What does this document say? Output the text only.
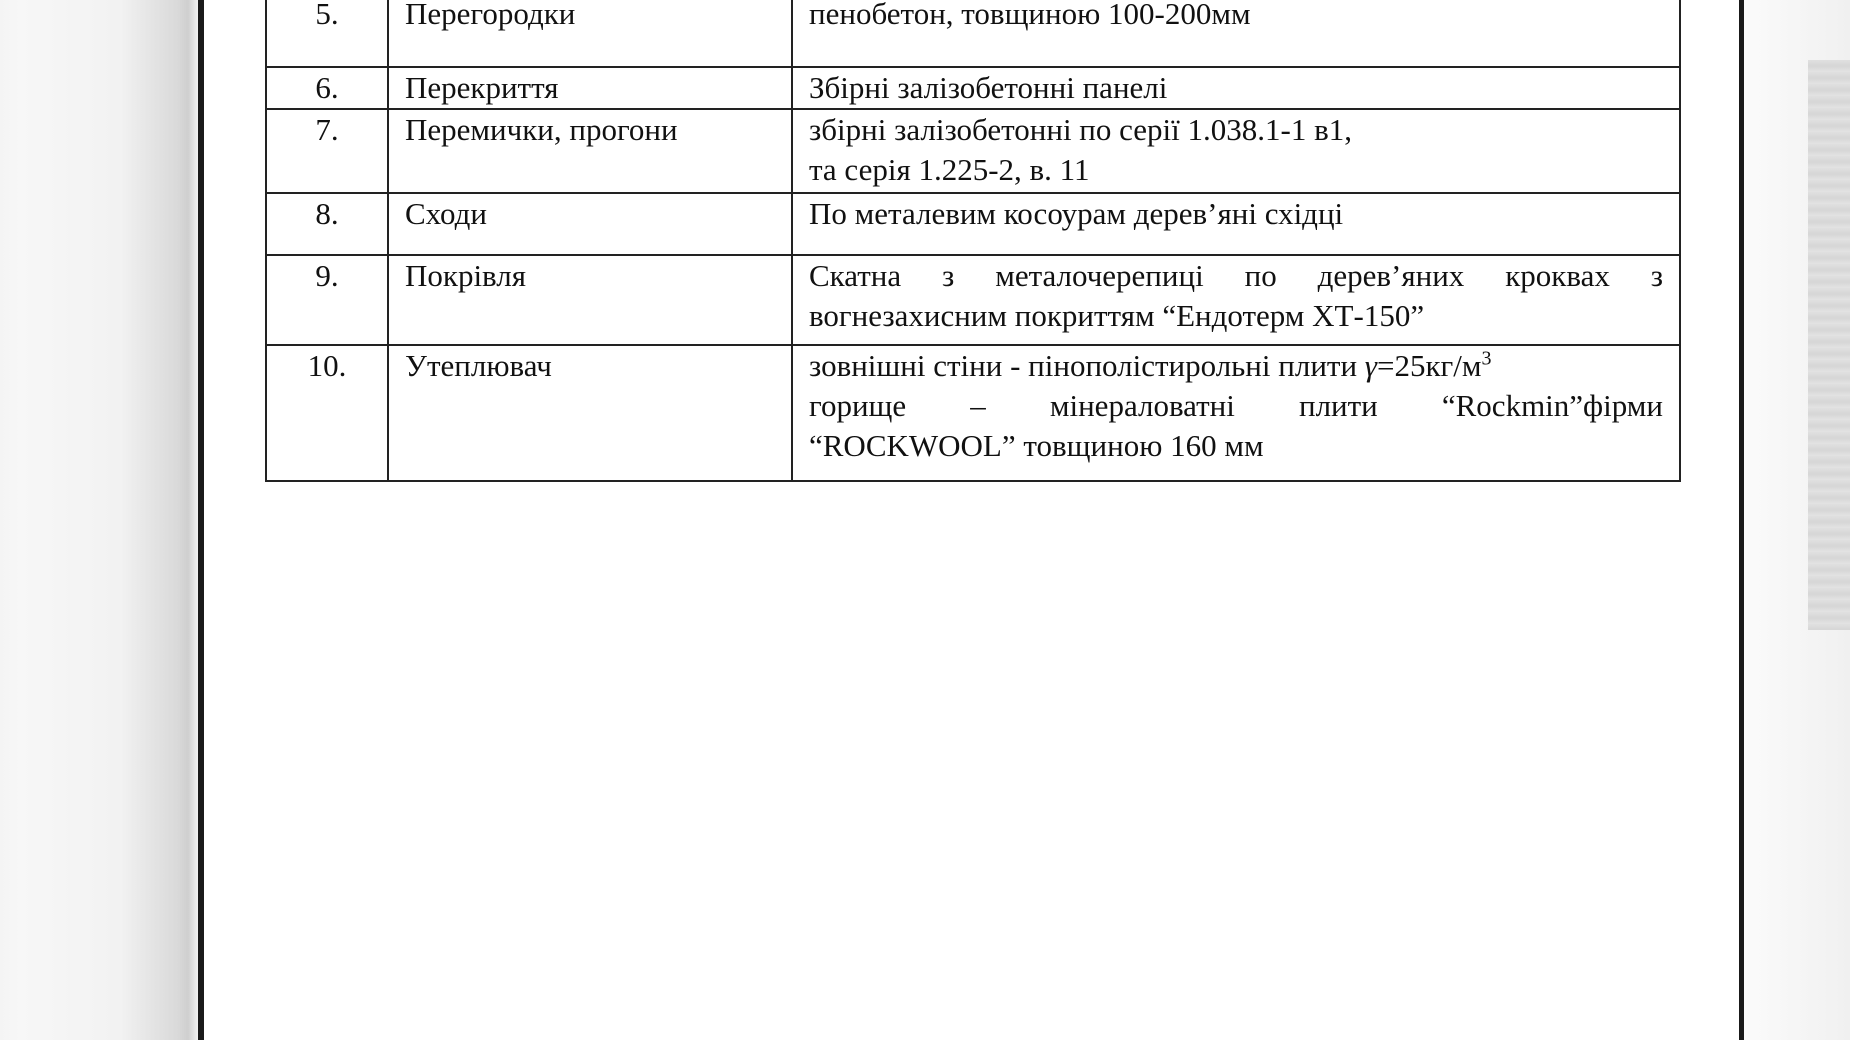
5.	Перегородки	пенобетон, товщиною 100-200мм

6.	Перекриття	Збірні залізобетонні панелі

7.	Перемички, прогони	збірні залізобетонні по серії 1.038.1-1 в1,
та серія 1.225-2, в. 11

8.	Сходи	По металевим косоурам дерев’яні східці

9.	Покрівля	Скатна з металочерепиці по дерев’яних кроквах з
вогнезахисним покриттям “Ендотерм ХТ-150”

10.	Утеплювач	зовнішні стіни - пінополістирольні плити $\gamma=25кг/м^3$
горище – мінераловатні плити “Rockmin”фірми
“ROCKWOOL” товщиною 160 мм
